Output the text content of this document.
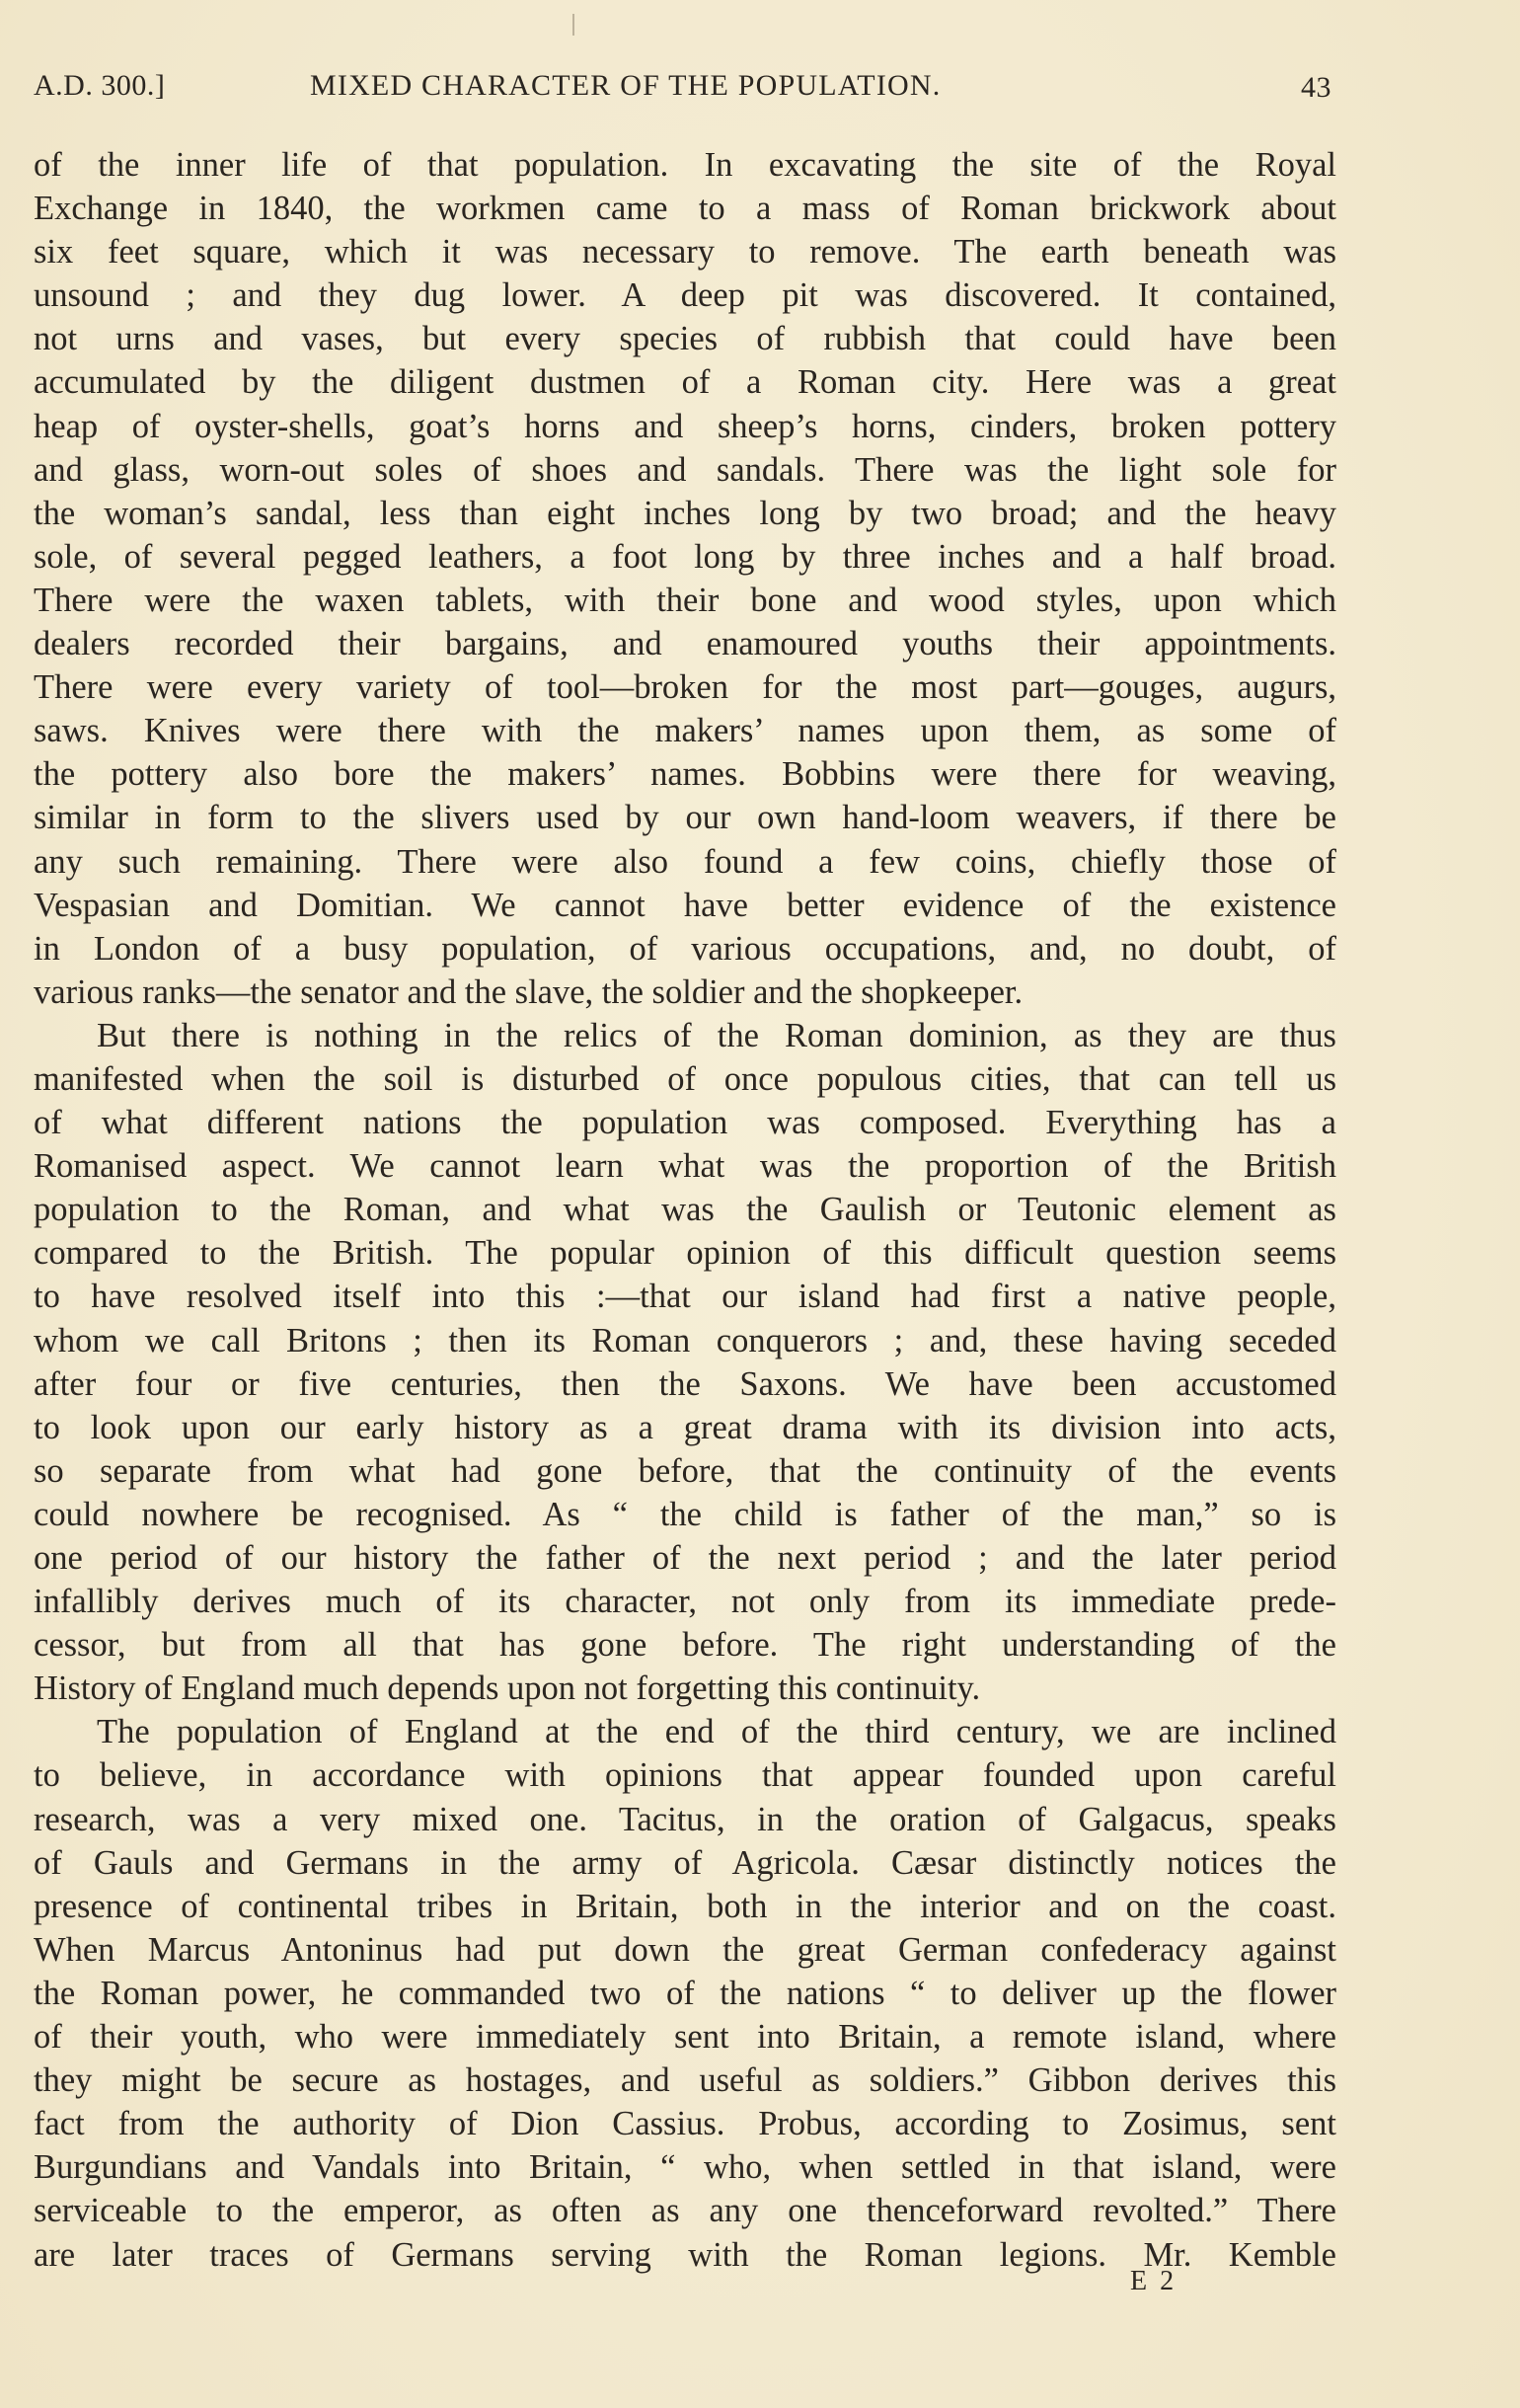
A.D. 300.]	MIXED CHARACTER OF THE POPULATION.	43
of the inner life of that population. In excavating the site of the Royal
Exchange in 1840, the workmen came to a mass of Roman brickwork about
six feet square, which it was necessary to remove. The earth beneath was
unsound ; and they dug lower. A deep pit was discovered. It contained,
not urns and vases, but every species of rubbish that could have been
accumulated by the diligent dustmen of a Roman city. Here was a great
heap of oyster-shells, goat’s horns and sheep’s horns, cinders, broken pottery
and glass, worn-out soles of shoes and sandals. There was the light sole for
the woman’s sandal, less than eight inches long by two broad; and the heavy
sole, of several pegged leathers, a foot long by three inches and a half broad.
There were the waxen tablets, with their bone and wood styles, upon which
dealers recorded their bargains, and enamoured youths their appointments.
There were every variety of tool—broken for the most part—gouges, augurs,
saws. Knives were there with the makers’ names upon them, as some of
the pottery also bore the makers’ names. Bobbins were there for weaving,
similar in form to the slivers used by our own hand-loom weavers, if there be
any such remaining. There were also found a few coins, chiefly those of
Vespasian and Domitian. We cannot have better evidence of the existence
in London of a busy population, of various occupations, and, no doubt, of
various ranks—the senator and the slave, the soldier and the shopkeeper.
But there is nothing in the relics of the Roman dominion, as they are thus
manifested when the soil is disturbed of once populous cities, that can tell us
of what different nations the population was composed. Everything has a
Romanised aspect. We cannot learn what was the proportion of the British
population to the Roman, and what was the Gaulish or Teutonic element as
compared to the British. The popular opinion of this difficult question seems
to have resolved itself into this :—that our island had first a native people,
whom we call Britons ; then its Roman conquerors ; and, these having seceded
after four or five centuries, then the Saxons. We have been accustomed
to look upon our early history as a great drama with its division into acts,
so separate from what had gone before, that the continuity of the events
could nowhere be recognised. As “ the child is father of the man,” so is
one period of our history the father of the next period ; and the later period
infallibly derives much of its character, not only from its immediate prede-
cessor, but from all that has gone before. The right understanding of the
History of England much depends upon not forgetting this continuity.
The population of England at the end of the third century, we are inclined
to believe, in accordance with opinions that appear founded upon careful
research, was a very mixed one. Tacitus, in the oration of Galgacus, speaks
of Gauls and Germans in the army of Agricola. Cæsar distinctly notices the
presence of continental tribes in Britain, both in the interior and on the coast.
When Marcus Antoninus had put down the great German confederacy against
the Roman power, he commanded two of the nations “ to deliver up the flower
of their youth, who were immediately sent into Britain, a remote island, where
they might be secure as hostages, and useful as soldiers.” Gibbon derives this
fact from the authority of Dion Cassius. Probus, according to Zosimus, sent
Burgundians and Vandals into Britain, “ who, when settled in that island, were
serviceable to the emperor, as often as any one thenceforward revolted.” There
are later traces of Germans serving with the Roman legions. Mr. Kemble
E 2
